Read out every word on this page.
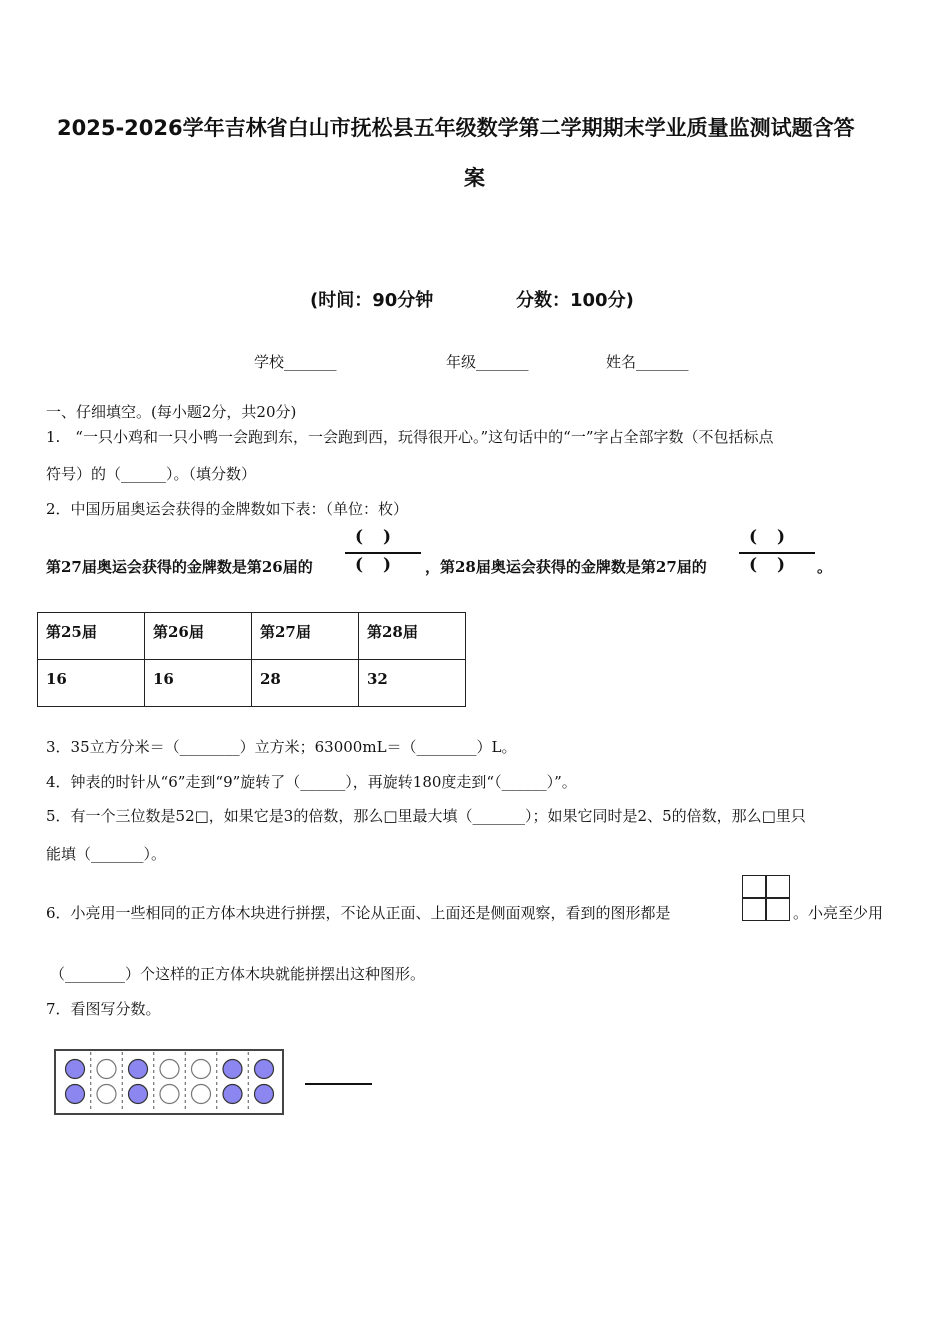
2025-2026学年吉林省白山市抚松县五年级数学第二学期期末学业质量监测试题含答
案
(时间：90分钟	分数：100分)
学校_______	年级_______	姓名_______
一、仔细填空。(每小题2分，共20分)
1.　“一只小鸡和一只小鸭一会跑到东，一会跑到西，玩得很开心。”这句话中的“一”字占全部字数（不包括标点
符号）的（______）。（填分数）
2．中国历届奥运会获得的金牌数如下表：（单位：枚）
第27届奥运会获得的金牌数是第26届的
()
() ，第28届奥运会获得的金牌数是第27届的
()
() 。
第25届	第26届	第27届	第28届
16	16	28	32
3．35立方分米＝（________）立方米；63000mL＝（________）L。
4．钟表的时针从“6”走到“9”旋转了（______），再旋转180度走到“（______）”。
5．有一个三位数是52□，如果它是3的倍数，那么□里最大填（_______）；如果它同时是2、5的倍数，那么□里只
能填（_______）。
6．小亮用一些相同的正方体木块进行拼摆，不论从正面、上面还是侧面观察，看到的图形都是	。小亮至少用
（________）个这样的正方体木块就能拼摆出这种图形。
7．看图写分数。
